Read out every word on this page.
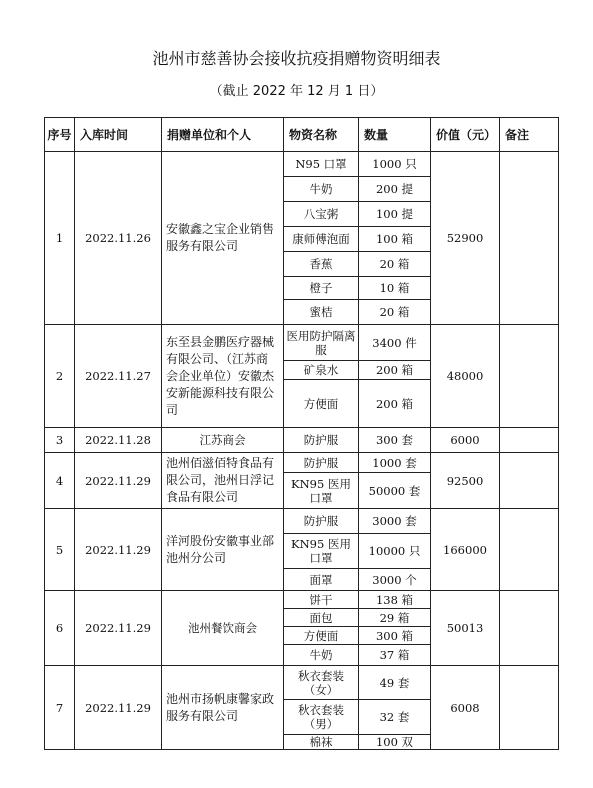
池州市慈善协会接收抗疫捐赠物资明细表
（截止 2022 年 12 月 1 日）
序号	入库时间	捐赠单位和个人	物资名称	数量	价值（元）	备注
1	2022.11.26	安徽鑫之宝企业销售服务有限公司	N95 口罩	1000 只	52900	
			牛奶	200 提		
			八宝粥	100 提		
			康师傅泡面	100 箱		
			香蕉	20 箱		
			橙子	10 箱		
			蜜桔	20 箱		
2	2022.11.27	东至县金鹏医疗器械有限公司、（江苏商会企业单位）安徽杰安新能源科技有限公司	医用防护隔离服	3400 件	48000	
			矿泉水	200 箱		
			方便面	200 箱		
3	2022.11.28	江苏商会	防护服	300 套	6000	
4	2022.11.29	池州佰滋佰特食品有限公司，池州日浮记食品有限公司	防护服	1000 套	92500	
			KN95 医用口罩	50000 套		
5	2022.11.29	洋河股份安徽事业部池州分公司	防护服	3000 套	166000	
			KN95 医用口罩	10000 只		
			面罩	3000 个		
6	2022.11.29	池州餐饮商会	饼干	138 箱	50013	
			面包	29 箱		
			方便面	300 箱		
			牛奶	37 箱		
7	2022.11.29	池州市扬帆康馨家政服务有限公司	秋衣套装（女）	49 套	6008	
			秋衣套装（男）	32 套		
			棉袜	100 双		
